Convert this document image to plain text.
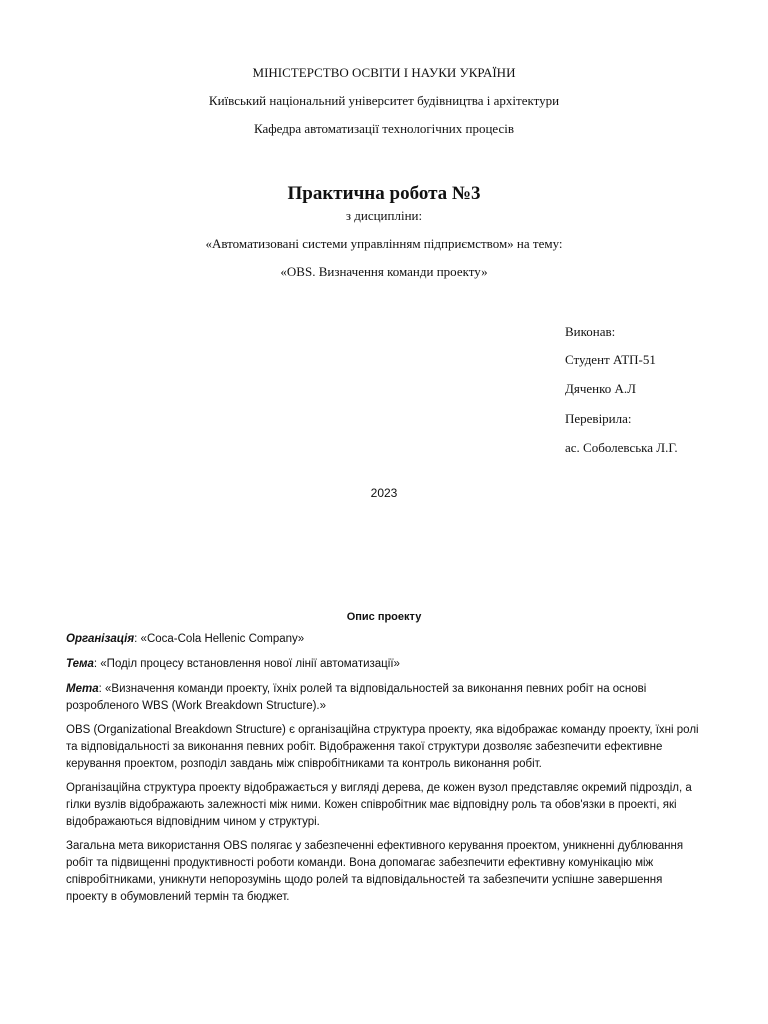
МІНІСТЕРСТВО ОСВІТИ І НАУКИ УКРАЇНИ
Київський національний університет будівництва і архітектури
Кафедра автоматизації технологічних процесів
Практична робота №3
з дисципліни:
«Автоматизовані системи управлінням підприємством» на тему:
«OBS. Визначення команди проекту»
Виконав:
Студент АТП-51
Дяченко А.Л
Перевірила:
ас. Соболевська Л.Г.
2023
Опис проекту

Організація: «Coca-Cola Hellenic Company»

Тема: «Поділ процесу встановлення нової лінії автоматизації»

Мета: «Визначення команди проекту, їхніх ролей та відповідальностей за виконання певних робіт на основі розробленого WBS (Work Breakdown Structure).»

OBS (Organizational Breakdown Structure) є організаційна структура проекту, яка відображає команду проекту, їхні ролі та відповідальності за виконання певних робіт. Відображення такої структури дозволяє забезпечити ефективне керування проектом, розподіл завдань між співробітниками та контроль виконання робіт.

Організаційна структура проекту відображається у вигляді дерева, де кожен вузол представляє окремий підрозділ, а гілки вузлів відображають залежності між ними. Кожен співробітник має відповідну роль та обов'язки в проекті, які відображаються відповідним чином у структурі.

Загальна мета використання OBS полягає у забезпеченні ефективного керування проектом, уникненні дублювання робіт та підвищенні продуктивності роботи команди. Вона допомагає забезпечити ефективну комунікацію між співробітниками, уникнути непорозумінь щодо ролей та відповідальностей та забезпечити успішне завершення проекту в обумовлений термін та бюджет.
